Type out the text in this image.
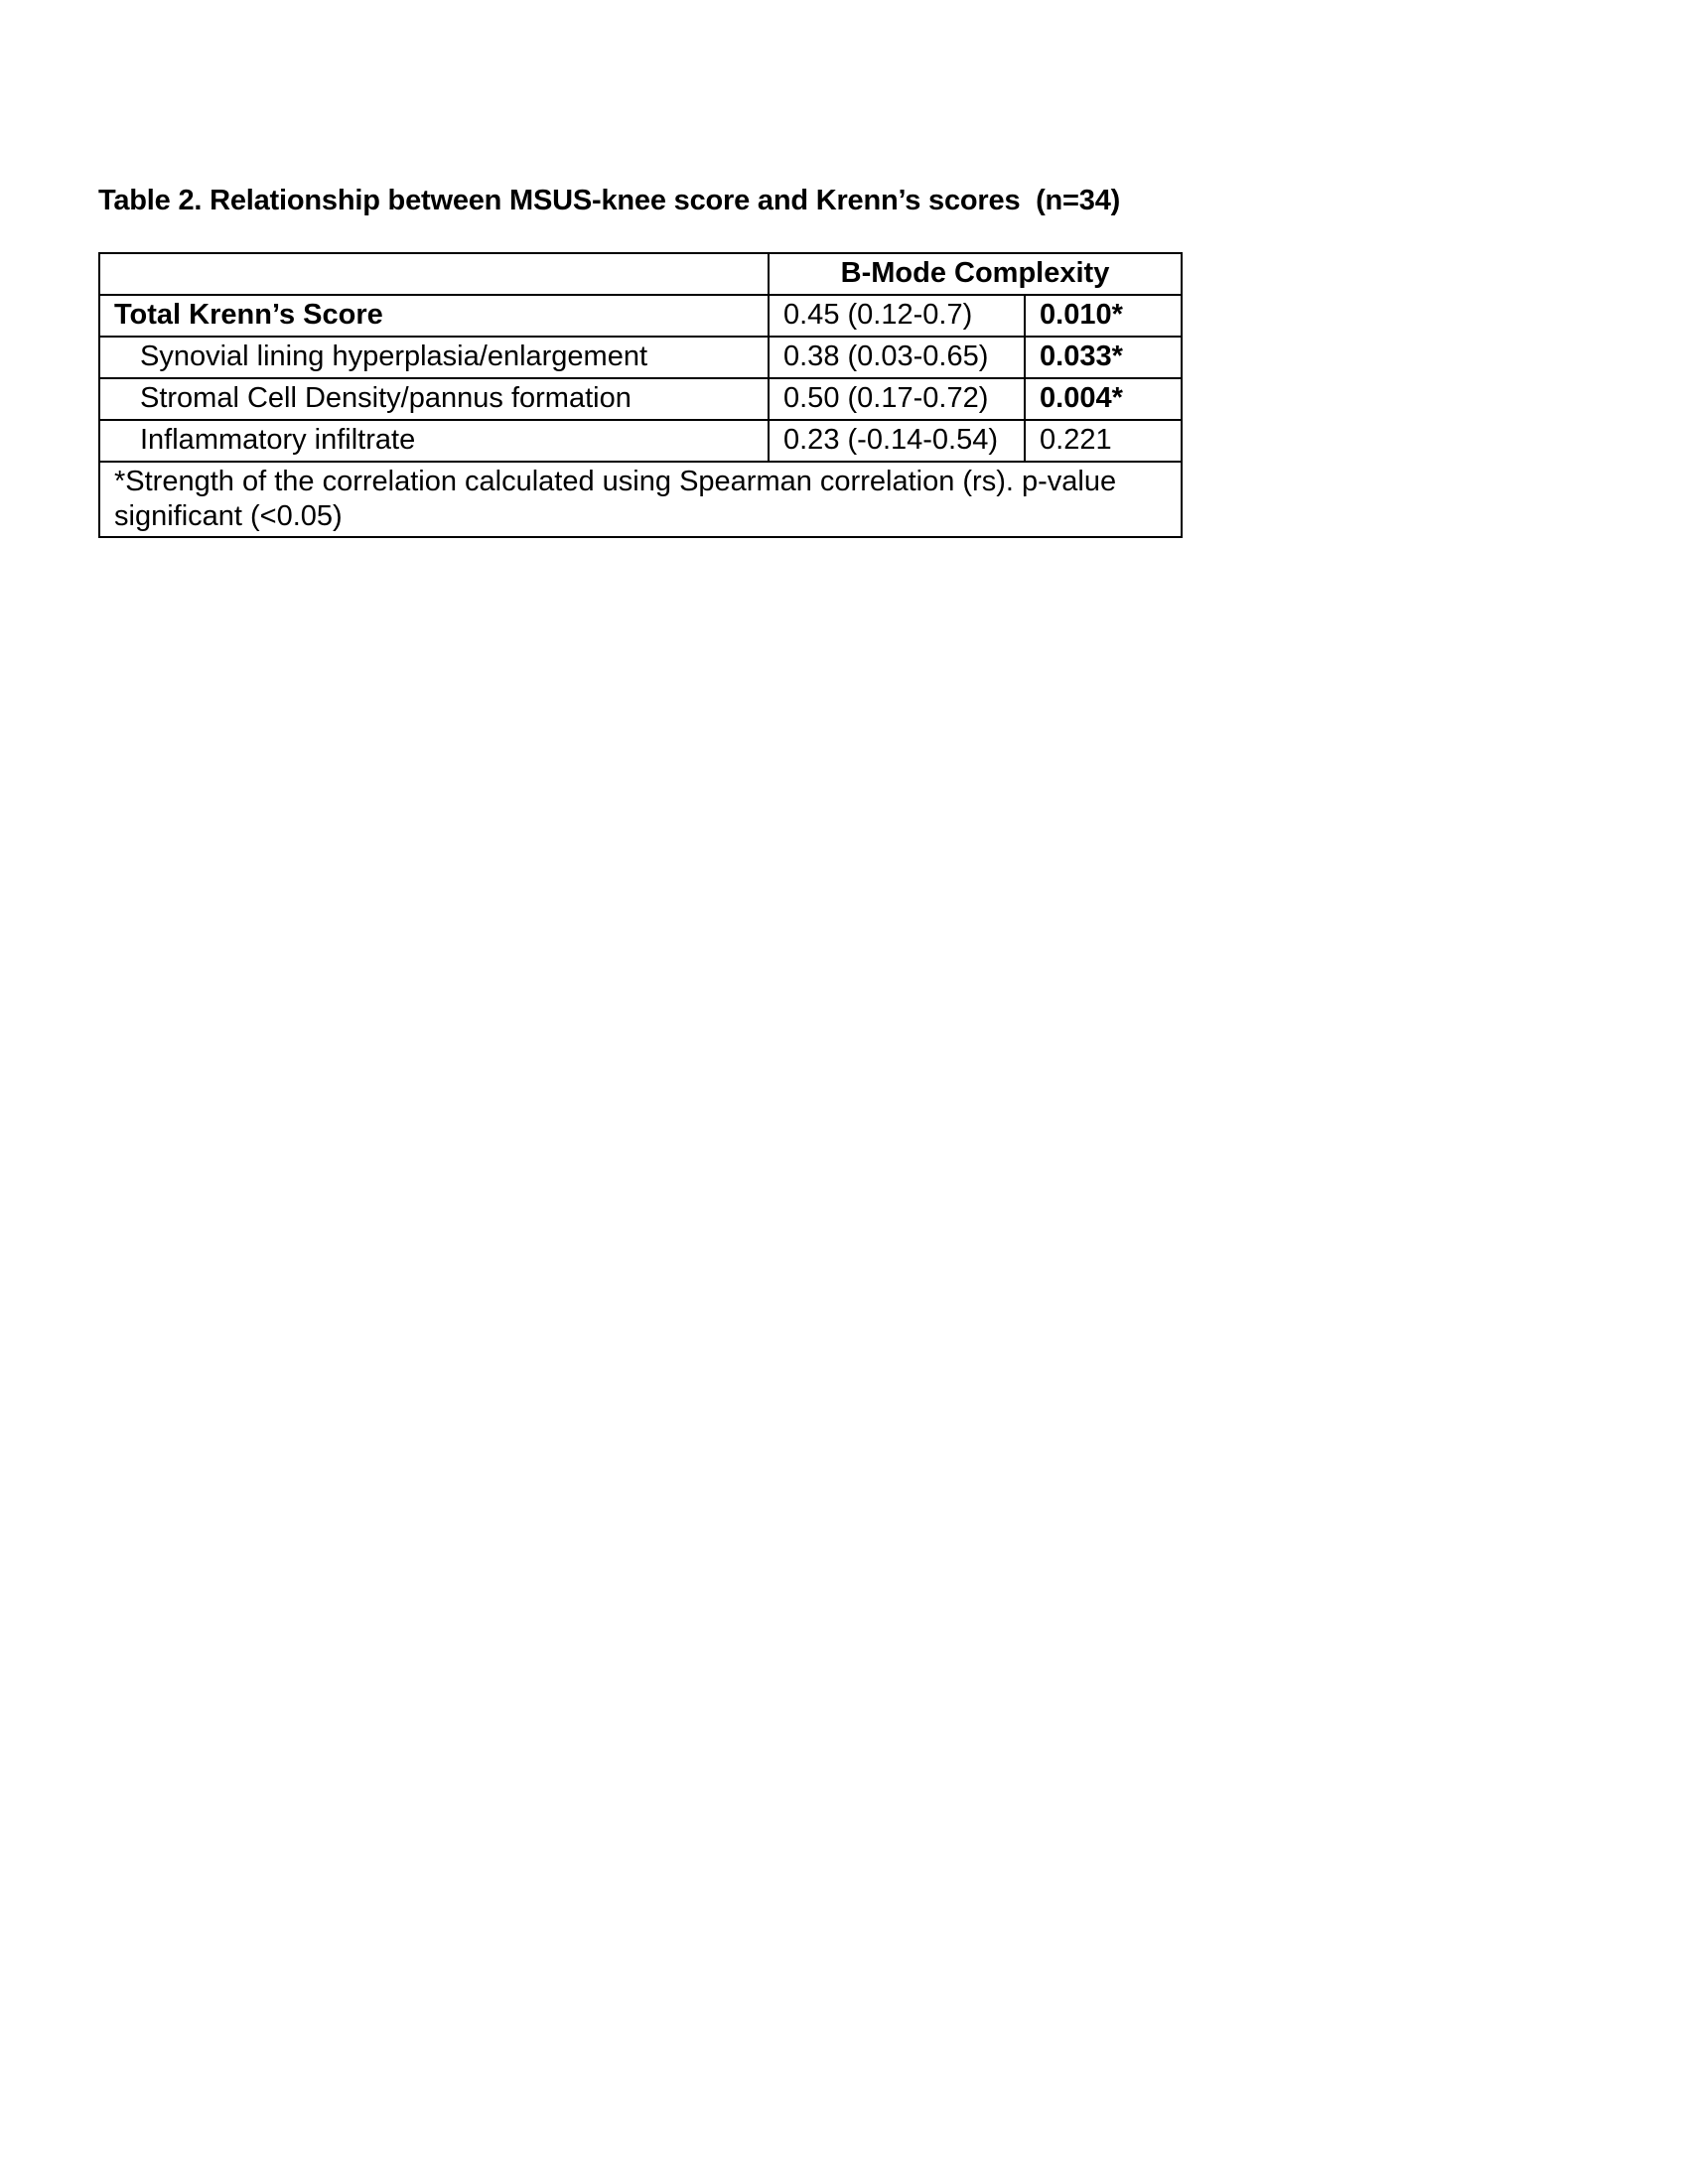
Table 2. Relationship between MSUS-knee score and Krenn’s scores  (n=34)
	B-Mode Complexity	
Total Krenn’s Score	0.45 (0.12-0.7)	0.010*
Synovial lining hyperplasia/enlargement	0.38 (0.03-0.65)	0.033*
Stromal Cell Density/pannus formation	0.50 (0.17-0.72)	0.004*
Inflammatory infiltrate	0.23 (-0.14-0.54)	0.221
*Strength of the correlation calculated using Spearman correlation (rs). p-value significant (<0.05)		
